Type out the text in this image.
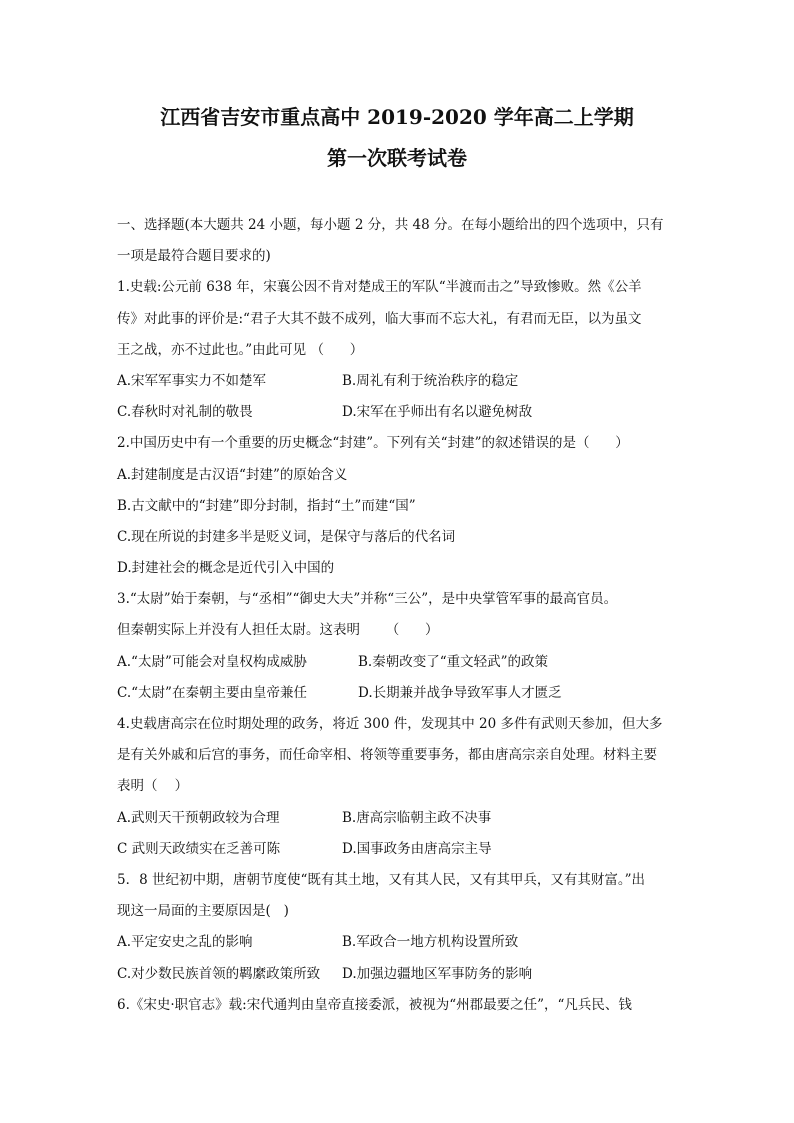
江西省吉安市重点高中 2019-2020 学年高二上学期
第一次联考试卷
一、选择题(本大题共 24 小题，每小题 2 分，共 48 分。在每小题给出的四个选项中，只有
一项是最符合题目要求的)
1.史载:公元前 638 年，宋襄公因不肯对楚成王的军队“半渡而击之”导致惨败。然《公羊
传》对此事的评价是:“君子大其不鼓不成列，临大事而不忘大礼，有君而无臣，以为虽文
王之战，亦不过此也。”由此可见 （      ）
A.宋军军事实力不如楚军	B.周礼有利于统治秩序的稳定
C.春秋时对礼制的敬畏	D.宋军在乎师出有名以避免树敌
2.中国历史中有一个重要的历史概念“封建”。下列有关“封建”的叙述错误的是（      ）
A.封建制度是古汉语“封建”的原始含义
B.古文献中的“封建”即分封制，指封“土”而建“国”
C.现在所说的封建多半是贬义词，是保守与落后的代名词
D.封建社会的概念是近代引入中国的
3.“太尉”始于秦朝，与“丞相”“御史大夫”并称“三公”，是中央掌管军事的最高官员。
但秦朝实际上并没有人担任太尉。这表明      （      ）
A.“太尉”可能会对皇权构成威胁	B.秦朝改变了“重文轻武”的政策
C.“太尉”在秦朝主要由皇帝兼任	D.长期兼并战争导致军事人才匮乏
4.史载唐高宗在位时期处理的政务，将近 300 件，发现其中 20 多件有武则天参加，但大多
是有关外戚和后宫的事务，而任命宰相、将领等重要事务，都由唐高宗亲自处理。材料主要
表明（    ）
A.武则天干预朝政较为合理	B.唐高宗临朝主政不决事
C 武则天政绩实在乏善可陈	D.国事政务由唐高宗主导
5．8 世纪初中期，唐朝节度使“既有其土地，又有其人民，又有其甲兵，又有其财富。”出
现这一局面的主要原因是(   )
A.平定安史之乱的影响	B.军政合一地方机构设置所致
C.对少数民族首领的羁縻政策所致	D.加强边疆地区军事防务的影响
6.《宋史·职官志》载:宋代通判由皇帝直接委派，被视为“州郡最要之任”，“凡兵民、钱
